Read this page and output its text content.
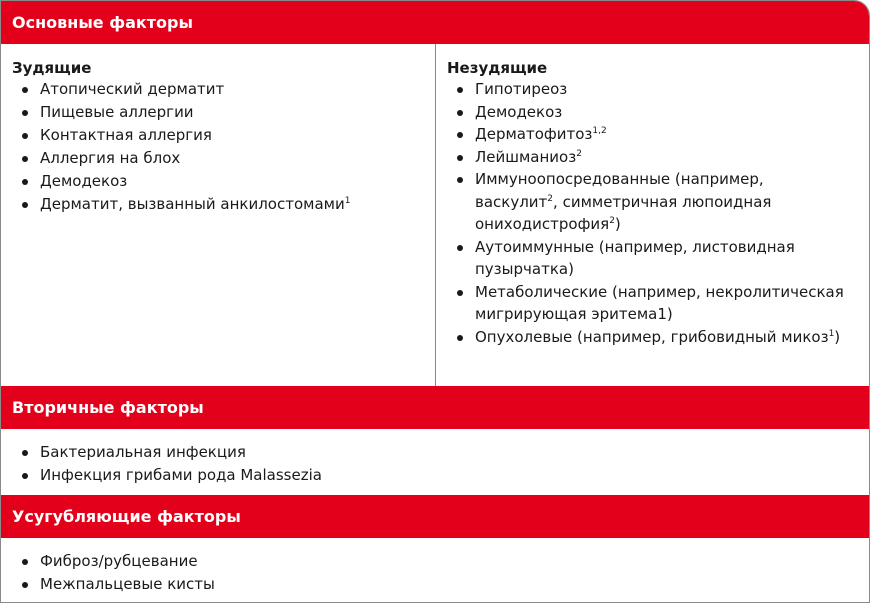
Основные факторы
Зудящие
Атопический дерматит
Пищевые аллергии
Контактная аллергия
Аллергия на блох
Демодекоз
Дерматит, вызванный анкилостомами$^1$
Незудящие
Гипотиреоз
Демодекоз
Дерматофитоз$^{1,2}$
Лейшманиоз$^2$
Иммуноопосредованные (например,
васкулит$^2$, симметричная люпоидная
ониходистрофия$^2$)
Аутоиммунные (например, листовидная
пузырчатка)
Метаболические (например, некролитическая
мигрирующая эритема1)
Опухолевые (например, грибовидный микоз$^1$)
Вторичные факторы
Бактериальная инфекция
Инфекция грибами рода Malassezia
Усугубляющие факторы
Фиброз/рубцевание
Межпальцевые кисты
